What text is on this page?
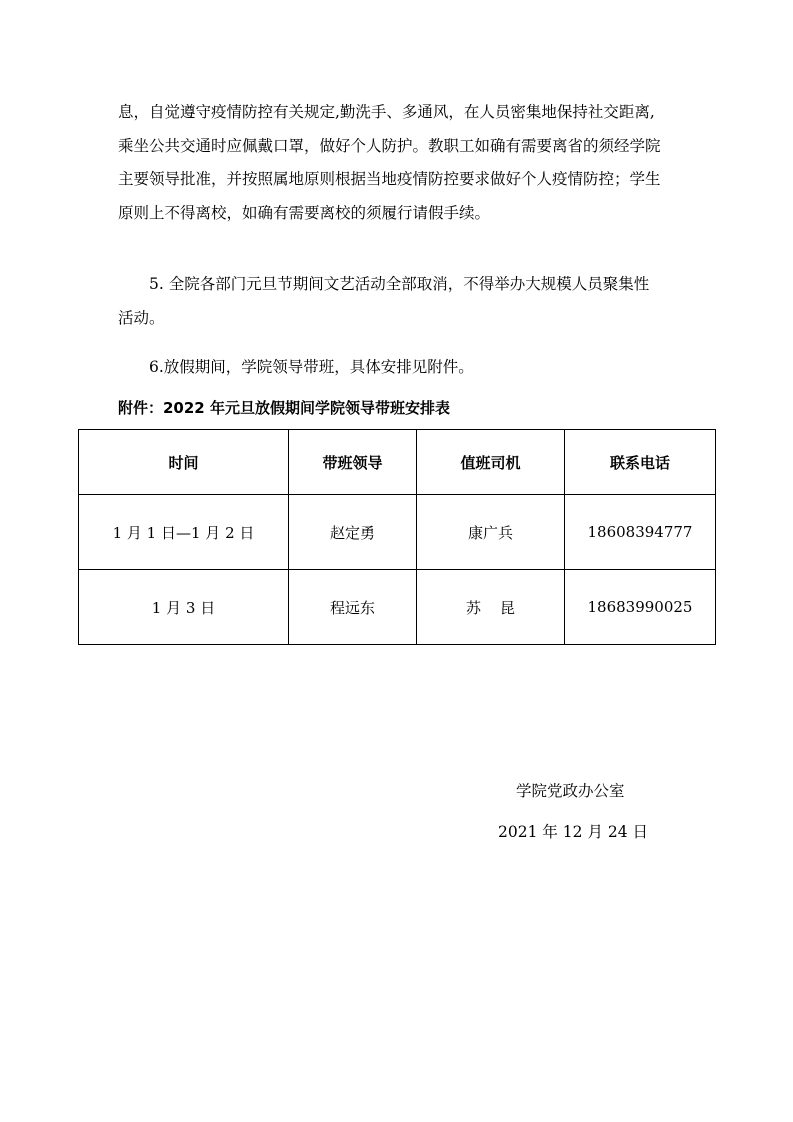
息，自觉遵守疫情防控有关规定,勤洗手、多通风，在人员密集地保持社交距离,
乘坐公共交通时应佩戴口罩，做好个人防护。教职工如确有需要离省的须经学院
主要领导批准，并按照属地原则根据当地疫情防控要求做好个人疫情防控；学生
原则上不得离校，如确有需要离校的须履行请假手续。

5. 全院各部门元旦节期间文艺活动全部取消，不得举办大规模人员聚集性
活动。

6.放假期间，学院领导带班，具体安排见附件。

附件：2022 年元旦放假期间学院领导带班安排表
时间	带班领导	值班司机	联系电话
1 月 1 日—1 月 2 日	赵定勇	康广兵	18608394777
1 月 3 日	程远东	苏    昆	18683990025
学院党政办公室
2021 年 12 月 24 日
